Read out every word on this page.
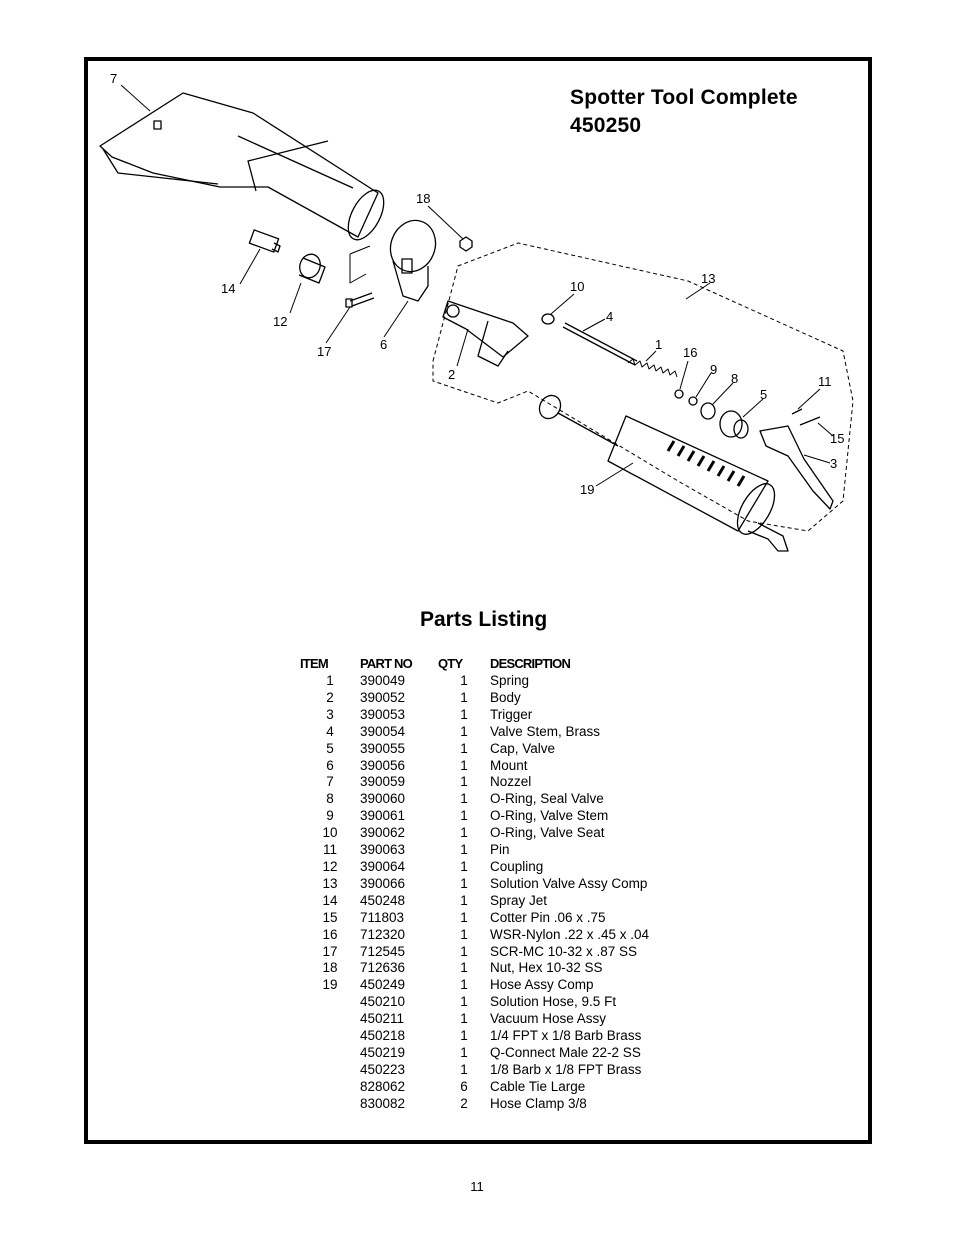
Spotter Tool Complete
450250
7
18
14
12
17	6
2
10
4
13
1
16
9
8
5
11
15
3
19
Parts Listing
ITEM	PART NO	QTY	DESCRIPTION
1	390049	1	Spring
2	390052	1	Body
3	390053	1	Trigger
4	390054	1	Valve Stem, Brass
5	390055	1	Cap, Valve
6	390056	1	Mount
7	390059	1	Nozzel
8	390060	1	O-Ring, Seal Valve
9	390061	1	O-Ring, Valve Stem
10	390062	1	O-Ring, Valve Seat
11	390063	1	Pin
12	390064	1	Coupling
13	390066	1	Solution Valve Assy Comp
14	450248	1	Spray Jet
15	711803	1	Cotter Pin .06 x .75
16	712320	1	WSR-Nylon .22 x .45 x .04
17	712545	1	SCR-MC 10-32 x .87 SS
18	712636	1	Nut, Hex 10-32 SS
19	450249	1	Hose Assy Comp
	450210	1	Solution Hose, 9.5 Ft
	450211	1	Vacuum Hose Assy
	450218	1	1/4 FPT x 1/8 Barb Brass
	450219	1	Q-Connect Male 22-2 SS
	450223	1	1/8 Barb x 1/8 FPT Brass
	828062	6	Cable Tie Large
	830082	2	Hose Clamp 3/8
11
